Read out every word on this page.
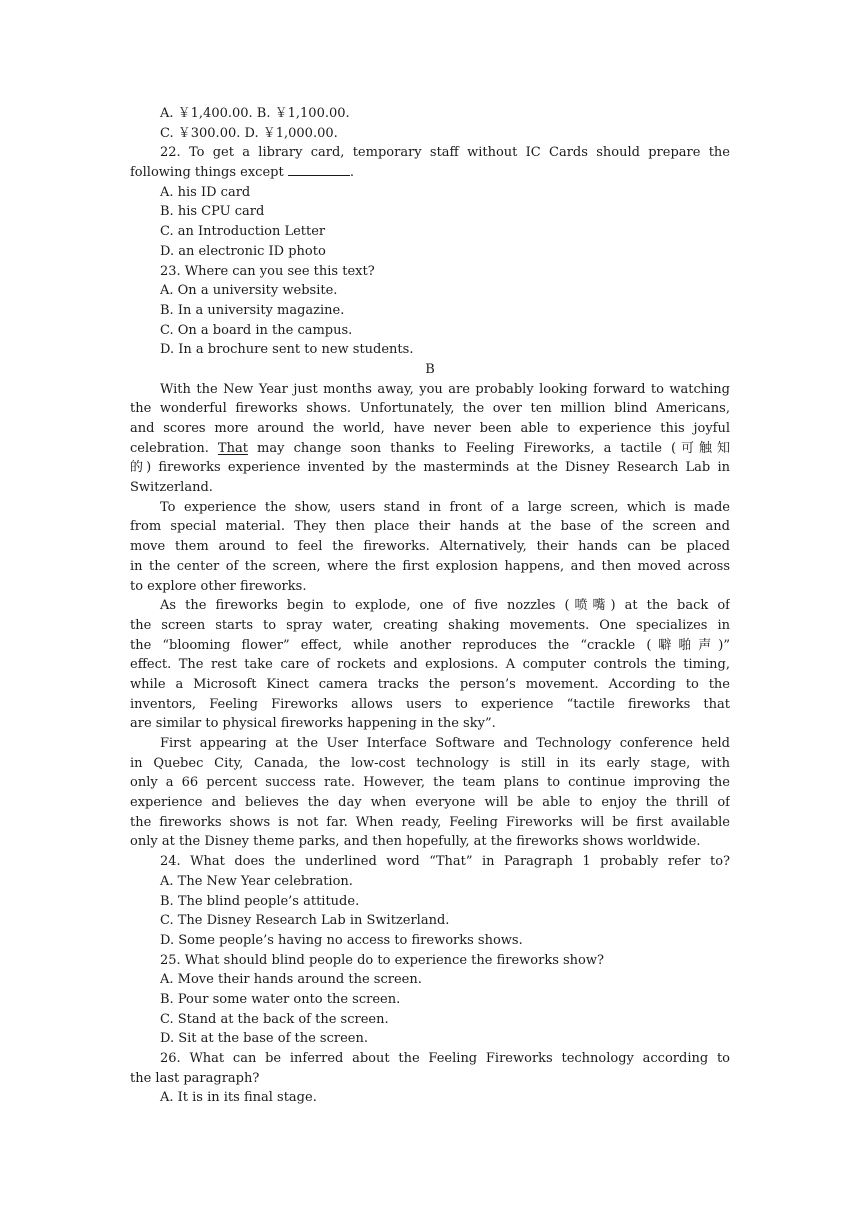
A. ￥1,400.00. B. ￥1,100.00.
C. ￥300.00. D. ￥1,000.00.
22. To get a library card, temporary staff without IC Cards should prepare the
following things except	.
A. his ID card
B. his CPU card
C. an Introduction Letter
D. an electronic ID photo
23. Where can you see this text?
A. On a university website.
B. In a university magazine.
C. On a board in the campus.
D. In a brochure sent to new students.
B
With the New Year just months away, you are probably looking forward to watching
the wonderful fireworks shows. Unfortunately, the over ten million blind Americans,
and scores more around the world, have never been able to experience this joyful
celebration. That may change soon thanks to Feeling Fireworks, a tactile (可触知
的) fireworks experience invented by the masterminds at the Disney Research Lab in
Switzerland.
To experience the show, users stand in front of a large screen, which is made
from special material. They then place their hands at the base of the screen and
move them around to feel the fireworks. Alternatively, their hands can be placed
in the center of the screen, where the first explosion happens, and then moved across
to explore other fireworks.
As the fireworks begin to explode, one of five nozzles (喷嘴) at the back of
the screen starts to spray water, creating shaking movements. One specializes in
the “blooming flower” effect, while another reproduces the “crackle (噼啪声)”
effect. The rest take care of rockets and explosions. A computer controls the timing,
while a Microsoft Kinect camera tracks the person’s movement. According to the
inventors, Feeling Fireworks allows users to experience “tactile fireworks that
are similar to physical fireworks happening in the sky”.
First appearing at the User Interface Software and Technology conference held
in Quebec City, Canada, the low-cost technology is still in its early stage, with
only a 66 percent success rate. However, the team plans to continue improving the
experience and believes the day when everyone will be able to enjoy the thrill of
the fireworks shows is not far. When ready, Feeling Fireworks will be first available
only at the Disney theme parks, and then hopefully, at the fireworks shows worldwide.
24. What does the underlined word “That” in Paragraph 1 probably refer to?
A. The New Year celebration.
B. The blind people’s attitude.
C. The Disney Research Lab in Switzerland.
D. Some people’s having no access to fireworks shows.
25. What should blind people do to experience the fireworks show?
A. Move their hands around the screen.
B. Pour some water onto the screen.
C. Stand at the back of the screen.
D. Sit at the base of the screen.
26. What can be inferred about the Feeling Fireworks technology according to
the last paragraph?
A. It is in its final stage.
